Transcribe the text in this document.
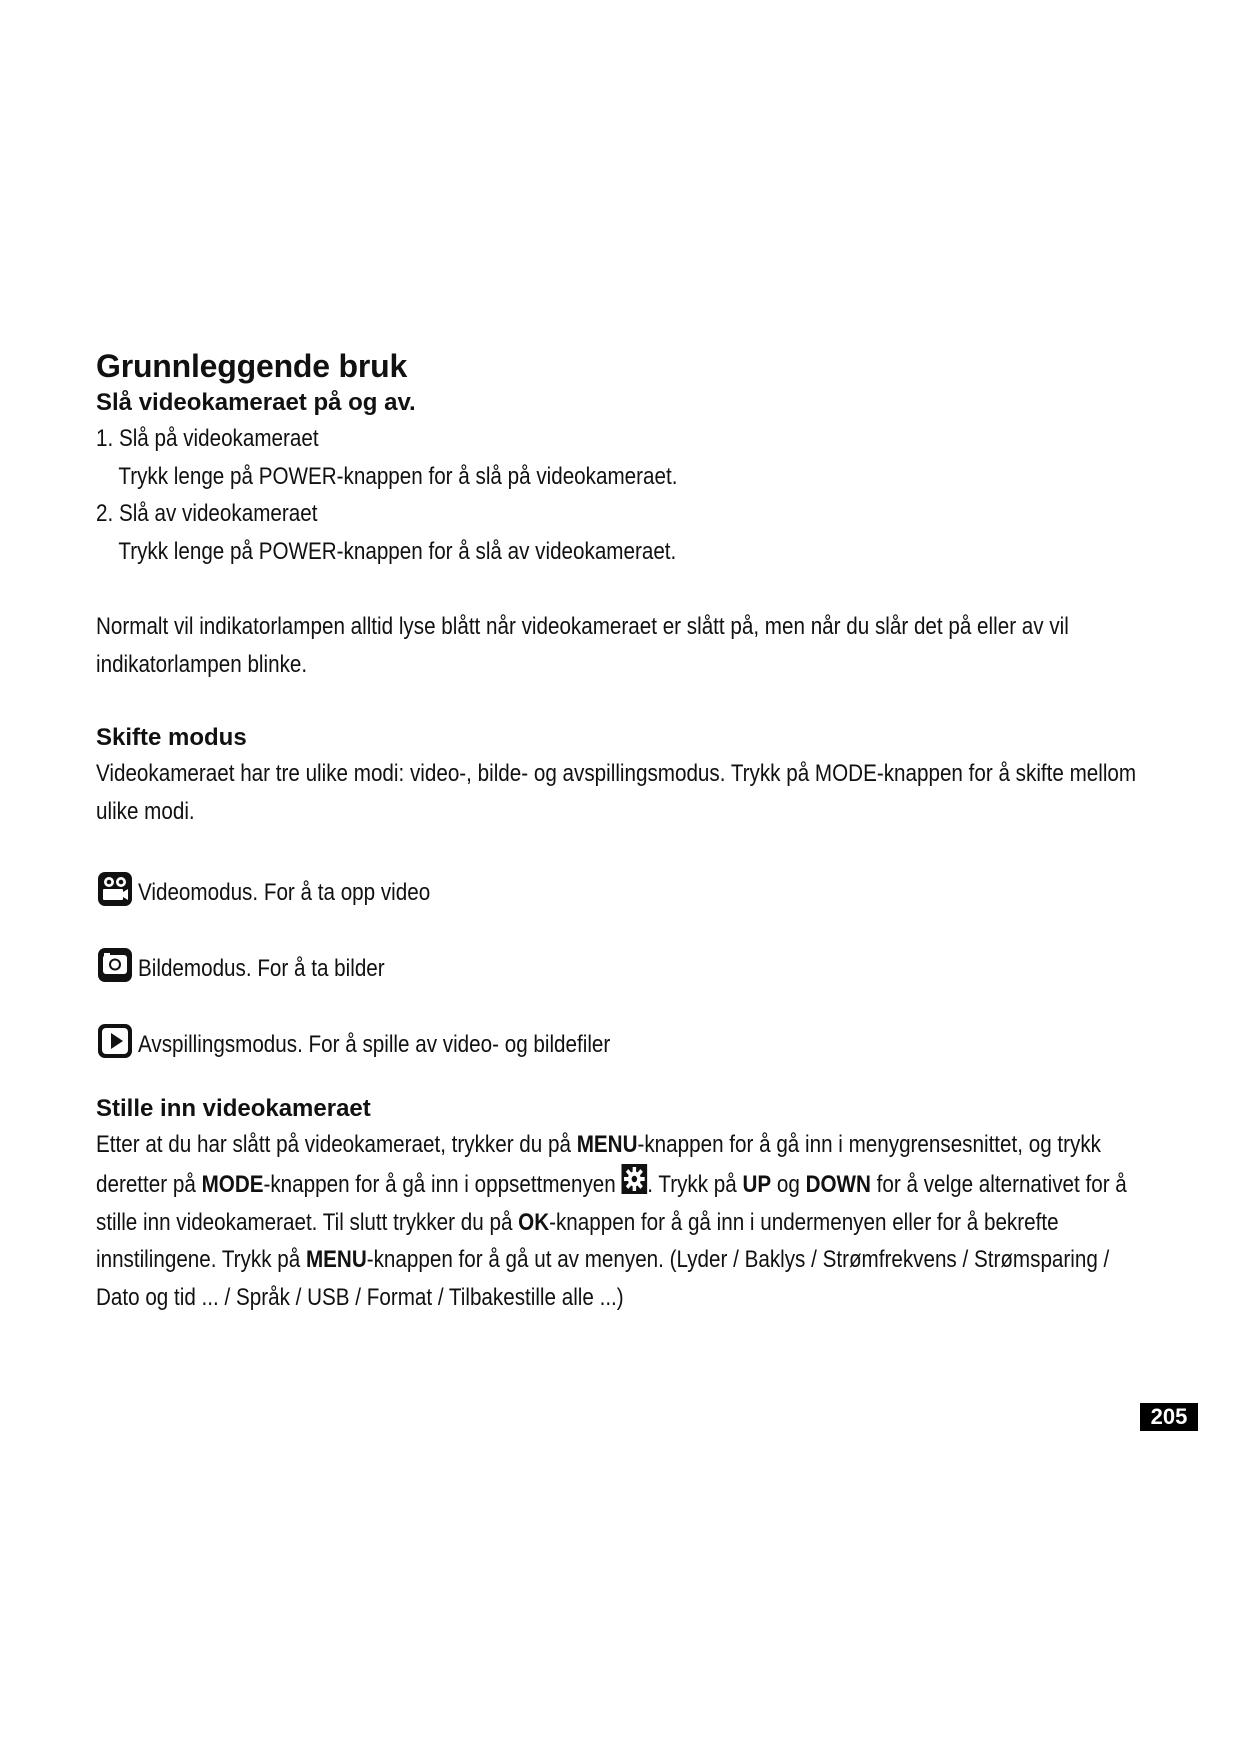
Grunnleggende bruk
Slå videokameraet på og av.

1. Slå på videokameraet

Trykk lenge på POWER-knappen for å slå på videokameraet.

2. Slå av videokameraet

Trykk lenge på POWER-knappen for å slå av videokameraet.

Normalt vil indikatorlampen alltid lyse blått når videokameraet er slått på, men når du slår det på eller av vil indikatorlampen blinke.
Skifte modus
Videokameraet har tre ulike modi: video-, bilde- og avspillingsmodus. Trykk på MODE-knappen for å skifte mellom ulike modi.
Videomodus. For å ta opp video
Bildemodus. For å ta bilder
Avspillingsmodus. For å spille av video- og bildefiler
Stille inn videokameraet
Etter at du har slått på videokameraet, trykker du på MENU-knappen for å gå inn i menygrensesnittet, og trykk deretter på MODE-knappen for å gå inn i oppsettmenyen . Trykk på UP og DOWN for å velge alternativet for å stille inn videokameraet. Til slutt trykker du på OK-knappen for å gå inn i undermenyen eller for å bekrefte innstilingene. Trykk på MENU-knappen for å gå ut av menyen. (Lyder / Baklys / Strømfrekvens / Strømsparing / Dato og tid ... / Språk / USB / Format / Tilbakestille alle ...)
205
